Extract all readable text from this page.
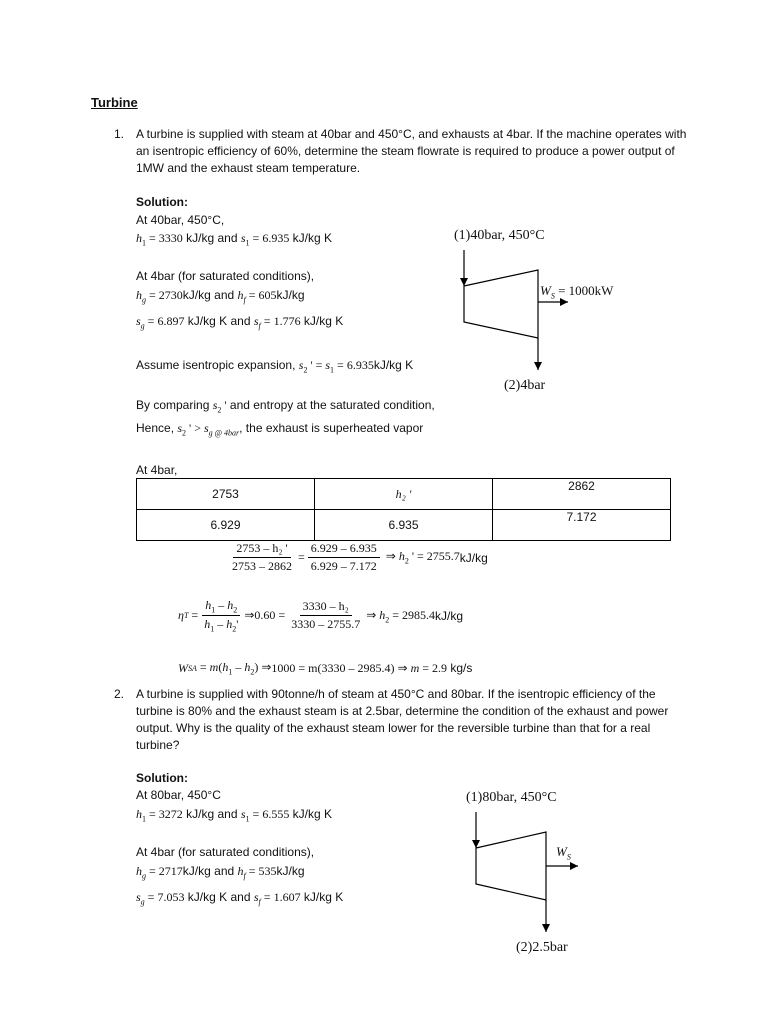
Turbine
1. A turbine is supplied with steam at 40bar and 450°C, and exhausts at 4bar. If the machine operates with an isentropic efficiency of 60%, determine the steam flowrate is required to produce a power output of 1MW and the exhaust steam temperature.
Solution:
At 40bar, 450°C,
$h_1 = 3330$ kJ/kg and $s_1 = 6.935$ kJ/kg K
At 4bar (for saturated conditions),
$h_g = 2730kJ/kg$ and $h_f = 605kJ/kg$
$s_g = 6.897$ kJ/kg K and $s_f = 1.776$ kJ/kg K
Assume isentropic expansion, $s_2$ ' = $s_1 = 6.935kJ/kg$ K
By comparing $s_2$ ' and entropy at the saturated condition,
Hence, $s_2$ ' > $s_{g @ 4bar}$, the exhaust is superheated vapor
At 4bar,
2753	h₂ '	2862
6.929	6.935	7.172
$\frac{\text{2753 – h₂ '}}{2753 - 2862} = \frac{6.929 - 6.935}{6.929 - 7.172}$ ⇒ $h_2$ ' = 2755.7 kJ/kg
η $T = \frac{h_1 - h_2}{h_1 - h_2'}$ ⇒0.60 = $\frac{\text{3330 – h₂}}{3330 - 2755.7}$ ⇒ $h_2 = 2985.4$ kJ/kg
W SA = $m(h_1 - h_2)$ ⇒ 1000 = m(3330 – 2985.4) ⇒ m = 2.9 kg/s
(1)40bar, 450°C
$W_S = 1000kW$
(2)4bar
2. A turbine is supplied with 90tonne/h of steam at 450°C and 80bar. If the isentropic efficiency of the turbine is 80% and the exhaust steam is at 2.5bar, determine the condition of the exhaust and power output. Why is the quality of the exhaust steam lower for the reversible turbine than that for a real turbine?
Solution:
At 80bar, 450°C
$h_1 = 3272$ kJ/kg and $s_1 = 6.555$ kJ/kg K
At 4bar (for saturated conditions),
$h_g = 2717kJ/kg$ and $h_f = 535kJ/kg$
$s_g = 7.053$ kJ/kg K and $s_f = 1.607$ kJ/kg K
(1)80bar, 450°C
$W_S$
(2)2.5bar
